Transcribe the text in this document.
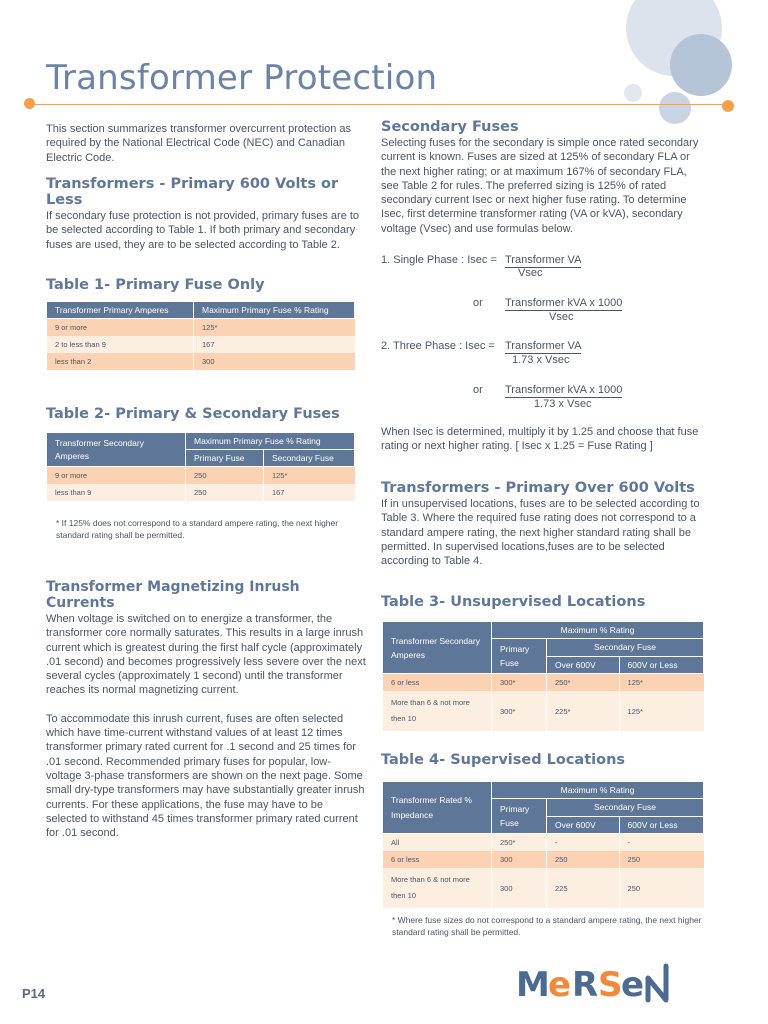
Transformer Protection
This section summarizes transformer overcurrent protection as required by the National Electrical Code (NEC) and Canadian Electric Code.
Transformers - Primary 600 Volts or Less
If secondary fuse protection is not provided, primary fuses are to be selected according to Table 1. If both primary and secondary fuses are used, they are to be selected according to Table 2.
Table 1- Primary Fuse Only
Transformer Primary Amperes	Maximum Primary Fuse % Rating
9 or more	125*
2 to less than 9	167
less than 2	300
Table 2- Primary & Secondary Fuses
Transformer Secondary Amperes	Maximum Primary Fuse % Rating	
	Primary Fuse	Secondary Fuse
9 or more	250	125*
less than 9	250	167
* If 125% does not correspond to a standard ampere rating, the next higher standard rating shall be permitted.
Transformer Magnetizing Inrush Currents
When voltage is switched on to energize a transformer, the transformer core normally saturates. This results in a large inrush current which is greatest during the first half cycle (approximately .01 second) and becomes progressively less severe over the next several cycles (approximately 1 second) until the transformer reaches its normal magnetizing current.
To accommodate this inrush current, fuses are often selected which have time-current withstand values of at least 12 times transformer primary rated current for .1 second and 25 times for .01 second. Recommended primary fuses for popular, low-voltage 3-phase transformers are shown on the next page. Some small dry-type transformers may have substantially greater inrush currents. For these applications, the fuse may have to be selected to withstand 45 times transformer primary rated current for .01 second.
Secondary Fuses
Selecting fuses for the secondary is simple once rated secondary current is known. Fuses are sized at 125% of secondary FLA or the next higher rating; or at maximum 167% of secondary FLA, see Table 2 for rules. The preferred sizing is 125% of rated secondary current Isec or next higher fuse rating. To determine Isec, first determine transformer rating (VA or kVA), secondary voltage (Vsec) and use formulas below.
1. Single Phase : Isec = Transformer VA
Vsec
or Transformer kVA x 1000
Vsec
2. Three Phase : Isec = Transformer VA
1.73 x Vsec
or Transformer kVA x 1000
1.73 x Vsec
When Isec is determined, multiply it by 1.25 and choose that fuse rating or next higher rating. [ Isec x 1.25 = Fuse Rating ]
Transformers - Primary Over 600 Volts
If in unsupervised locations, fuses are to be selected according to Table 3. Where the required fuse rating does not correspond to a standard ampere rating, the next higher standard rating shall be permitted. In supervised locations,fuses are to be selected according to Table 4.
Table 3- Unsupervised Locations
Transformer Secondary Amperes	Maximum % Rating		
	Primary Fuse	Secondary Fuse	
		Over 600V	600V or Less
6 or less	300*	250*	125*
More than 6 & not more then 10	300*	225*	125*
Table 4- Supervised Locations
Transformer Rated % Impedance	Maximum % Rating		
	Primary Fuse	Secondary Fuse	
		Over 600V	600V or Less
All	250*	-	-
6 or less	300	250	250
More than 6 & not more then 10	300	225	250
* Where fuse sizes do not correspond to a standard ampere rating, the next higher standard rating shall be permitted.
P14	M
e R
S
e
